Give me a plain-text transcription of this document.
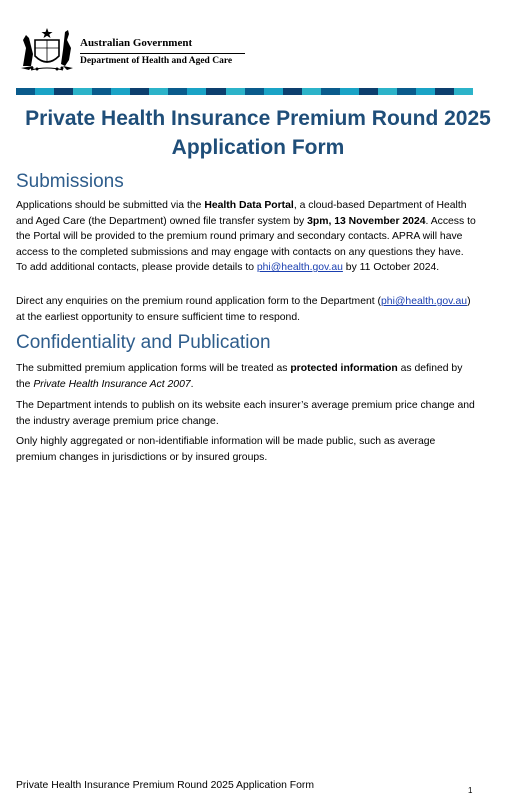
Australian Government
Department of Health and Aged Care
Private Health Insurance Premium Round 2025
Application Form
Submissions
Applications should be submitted via the Health Data Portal, a cloud-based Department of Health and Aged Care (the Department) owned file transfer system by 3pm, 13 November 2024. Access to the Portal will be provided to the premium round primary and secondary contacts. APRA will have access to the completed submissions and may engage with contacts on any questions they have. To add additional contacts, please provide details to phi@health.gov.au by 11 October 2024.
Direct any enquiries on the premium round application form to the Department (phi@health.gov.au) at the earliest opportunity to ensure sufficient time to respond.
Confidentiality and Publication
The submitted premium application forms will be treated as protected information as defined by the Private Health Insurance Act 2007.
The Department intends to publish on its website each insurer’s average premium price change and the industry average premium price change.
Only highly aggregated or non-identifiable information will be made public, such as average premium changes in jurisdictions or by insured groups.
Private Health Insurance Premium Round 2025 Application Form	1
